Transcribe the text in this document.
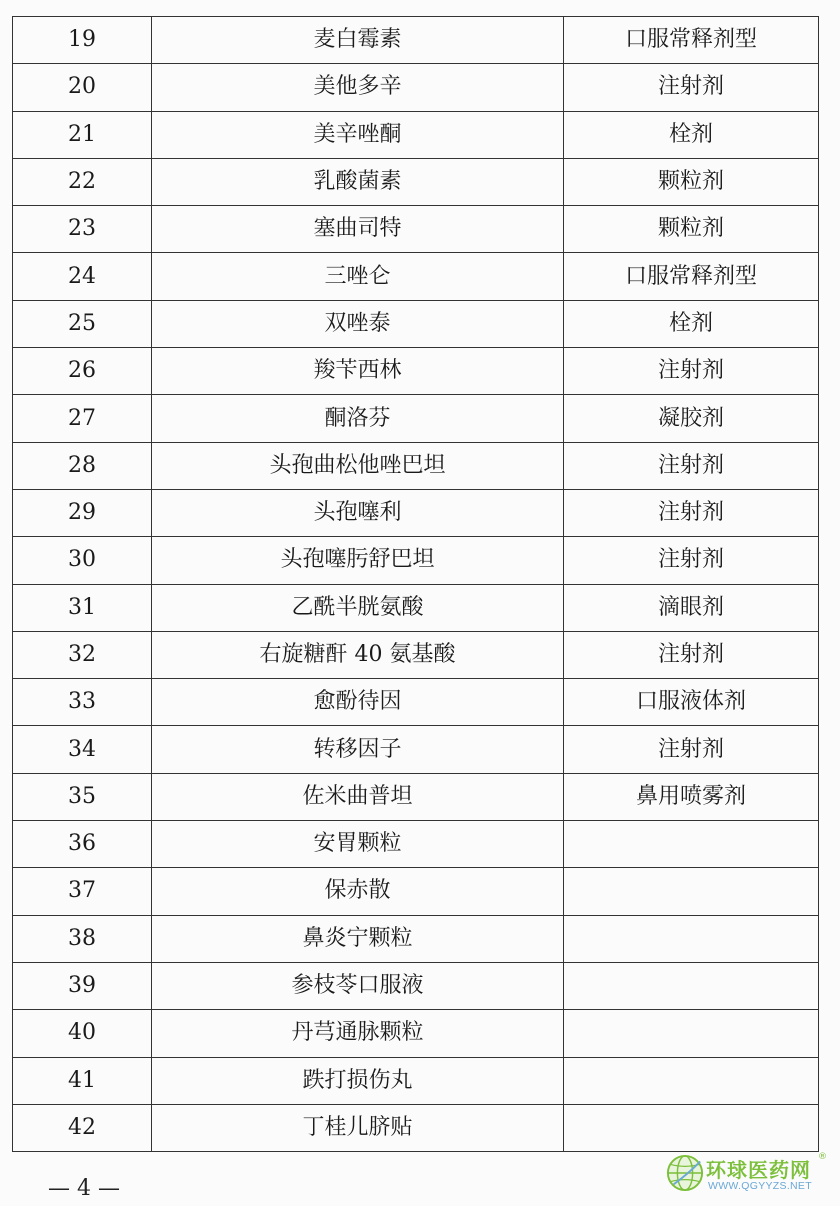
19	麦白霉素	口服常释剂型
20	美他多辛	注射剂
21	美辛唑酮	栓剂
22	乳酸菌素	颗粒剂
23	塞曲司特	颗粒剂
24	三唑仑	口服常释剂型
25	双唑泰	栓剂
26	羧苄西林	注射剂
27	酮洛芬	凝胶剂
28	头孢曲松他唑巴坦	注射剂
29	头孢噻利	注射剂
30	头孢噻肟舒巴坦	注射剂
31	乙酰半胱氨酸	滴眼剂
32	右旋糖酐 40 氨基酸	注射剂
33	愈酚待因	口服液体剂
34	转移因子	注射剂
35	佐米曲普坦	鼻用喷雾剂
36	安胃颗粒	
37	保赤散	
38	鼻炎宁颗粒	
39	参枝苓口服液	
40	丹芎通脉颗粒	
41	跌打损伤丸	
42	丁桂儿脐贴	
— 4 —
环球医药网
®
WWW.QGYYZS.NET
